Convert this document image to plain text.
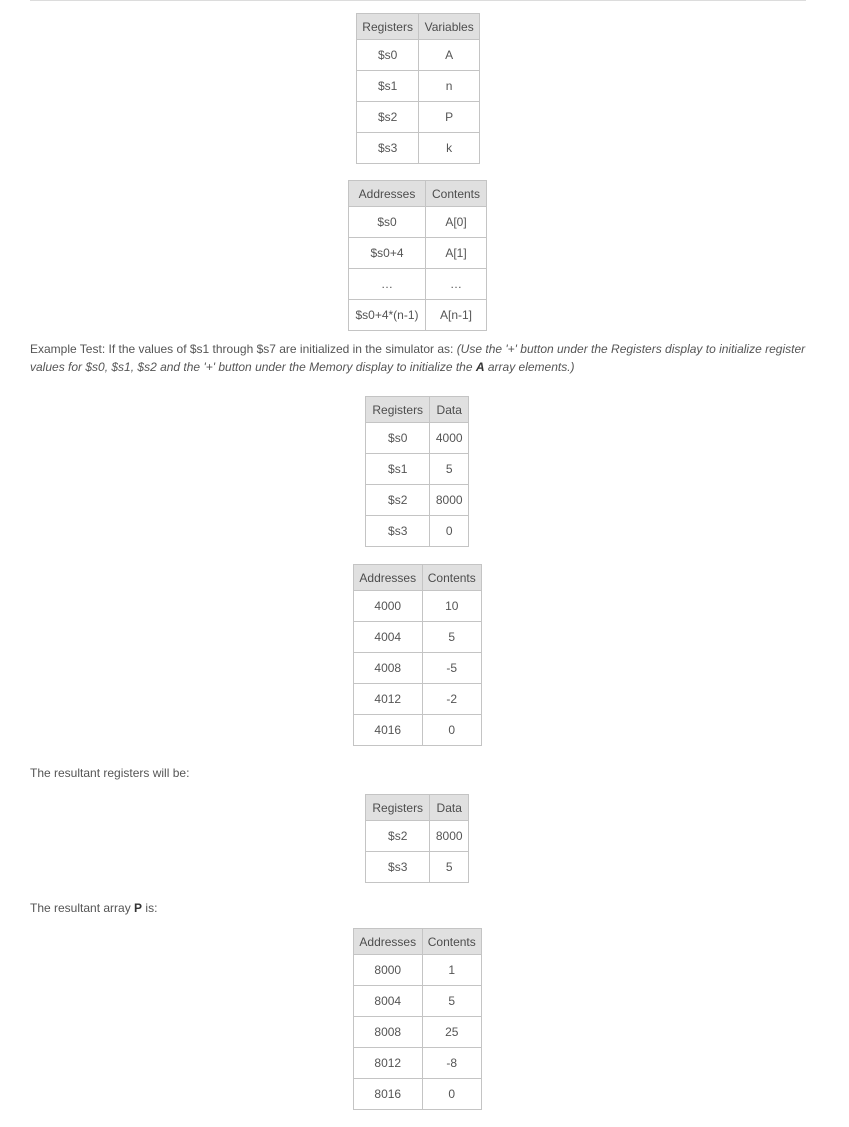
Registers	Variables
$s0	A
$s1	n
$s2	P
$s3	k
Addresses	Contents
$s0	A[0]
$s0+4	A[1]
…	…
$s0+4*(n-1)	A[n-1]

Example Test: If the values of $s1 through $s7 are initialized in the simulator as: (Use the '+' button under the Registers display to initialize register values for $s0, $s1, $s2 and the '+' button under the Memory display to initialize the A array elements.)

Registers	Data
$s0	4000
$s1	5
$s2	8000
$s3	0
Addresses	Contents
4000	10
4004	5
4008	-5
4012	-2
4016	0

The resultant registers will be:

Registers	Data
$s2	8000
$s3	5

The resultant array P is:

Addresses	Contents
8000	1
8004	5
8008	25
8012	-8
8016	0
